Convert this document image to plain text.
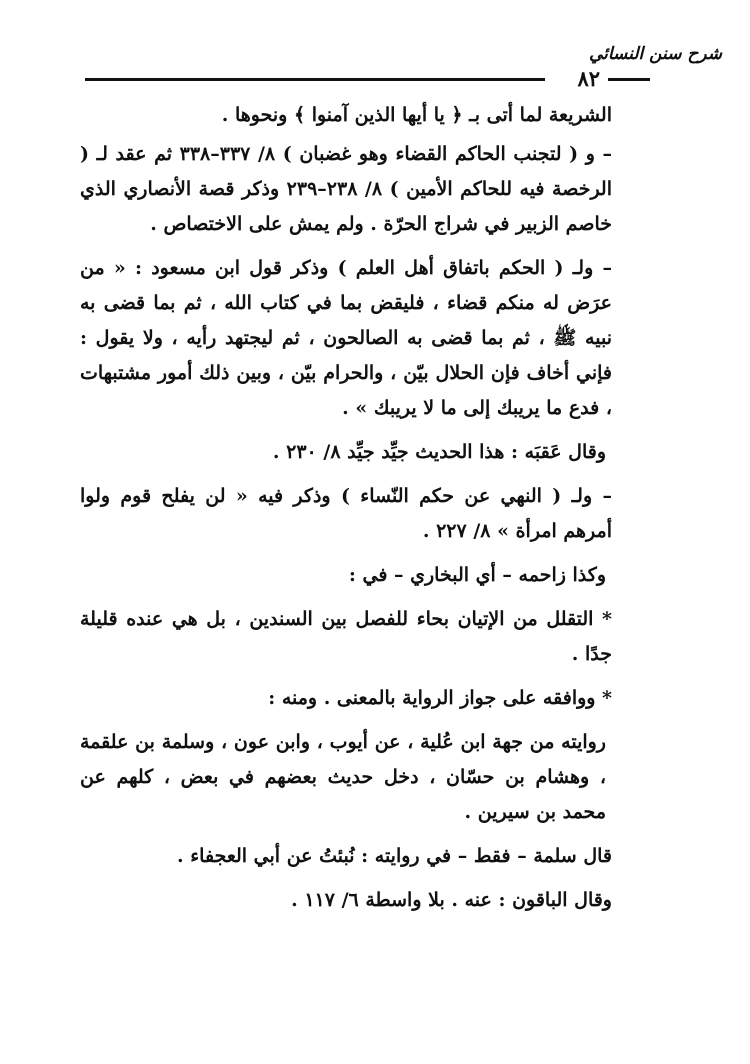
شرح سنن النسائي
٨٢

الشريعة لما أتى بـ ﴿ يا أيها الذين آمنوا ﴾ ونحوها .

– و ( لتجنب الحاكم القضاء وهو غضبان ) ٨/ ٣٣٧–٣٣٨ ثم عقد لـ ( الرخصة فيه للحاكم الأمين ) ٨/ ٢٣٨–٢٣٩ وذكر قصة الأنصاري الذي خاصم الزبير في شراج الحرّة . ولم يمش على الاختصاص .

– ولـ ( الحكم باتفاق أهل العلم ) وذكر قول ابن مسعود : « من عرَض له منكم قضاء ، فليقض بما في كتاب الله ، ثم بما قضى به نبيه ﷺ ، ثم بما قضى به الصالحون ، ثم ليجتهد رأيه ، ولا يقول : فإني أخاف فإن الحلال بيّن ، والحرام بيّن ، وبين ذلك أمور مشتبهات ، فدع ما يريبك إلى ما لا يريبك » .

وقال عَقبَه : هذا الحديث جيِّد جيِّد ٨/ ٢٣٠ .

– ولـ ( النهي عن حكم النّساء ) وذكر فيه « لن يفلح قوم ولوا أمرهم امرأة » ٨/ ٢٢٧ .

وكذا زاحمه – أي البخاري – في :

* التقلل من الإتيان بحاء للفصل بين السندين ، بل هي عنده قليلة جدًا .

* ووافقه على جواز الرواية بالمعنى . ومنه :

روايته من جهة ابن عُلية ، عن أيوب ، وابن عون ، وسلمة بن علقمة ، وهشام بن حسّان ، دخل حديث بعضهم في بعض ، كلهم عن محمد بن سيرين .

قال سلمة – فقط – في روايته : نُبئتُ عن أبي العجفاء .

وقال الباقون : عنه . بلا واسطة ٦/ ١١٧ .
